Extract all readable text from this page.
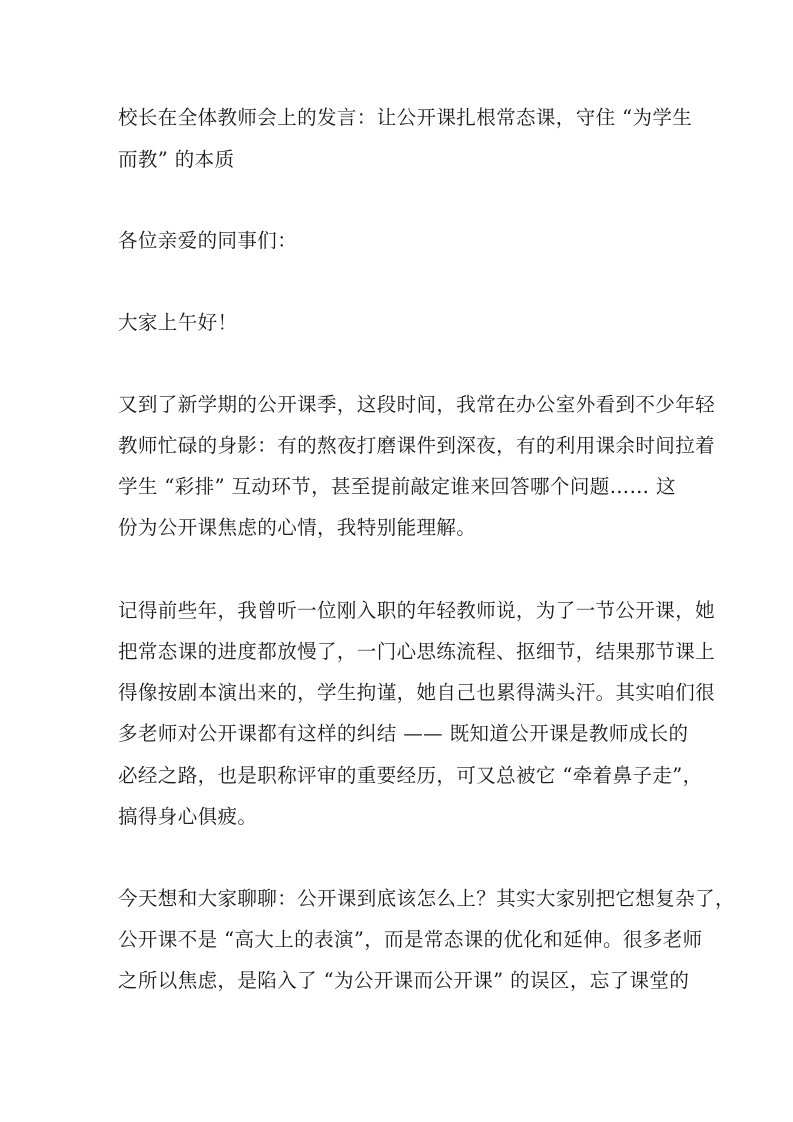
校长在全体教师会上的发言：让公开课扎根常态课，守住 “为学生
而教” 的本质
各位亲爱的同事们：
大家上午好！
又到了新学期的公开课季，这段时间，我常在办公室外看到不少年轻
教师忙碌的身影：有的熬夜打磨课件到深夜，有的利用课余时间拉着
学生 “彩排” 互动环节，甚至提前敲定谁来回答哪个问题…… 这
份为公开课焦虑的心情，我特别能理解。
记得前些年，我曾听一位刚入职的年轻教师说，为了一节公开课，她
把常态课的进度都放慢了，一门心思练流程、抠细节，结果那节课上
得像按剧本演出来的，学生拘谨，她自己也累得满头汗。其实咱们很
多老师对公开课都有这样的纠结 —— 既知道公开课是教师成长的
必经之路，也是职称评审的重要经历，可又总被它 “牵着鼻子走”，
搞得身心俱疲。
今天想和大家聊聊：公开课到底该怎么上？其实大家别把它想复杂了，
公开课不是 “高大上的表演”，而是常态课的优化和延伸。很多老师
之所以焦虑，是陷入了 “为公开课而公开课” 的误区，忘了课堂的
